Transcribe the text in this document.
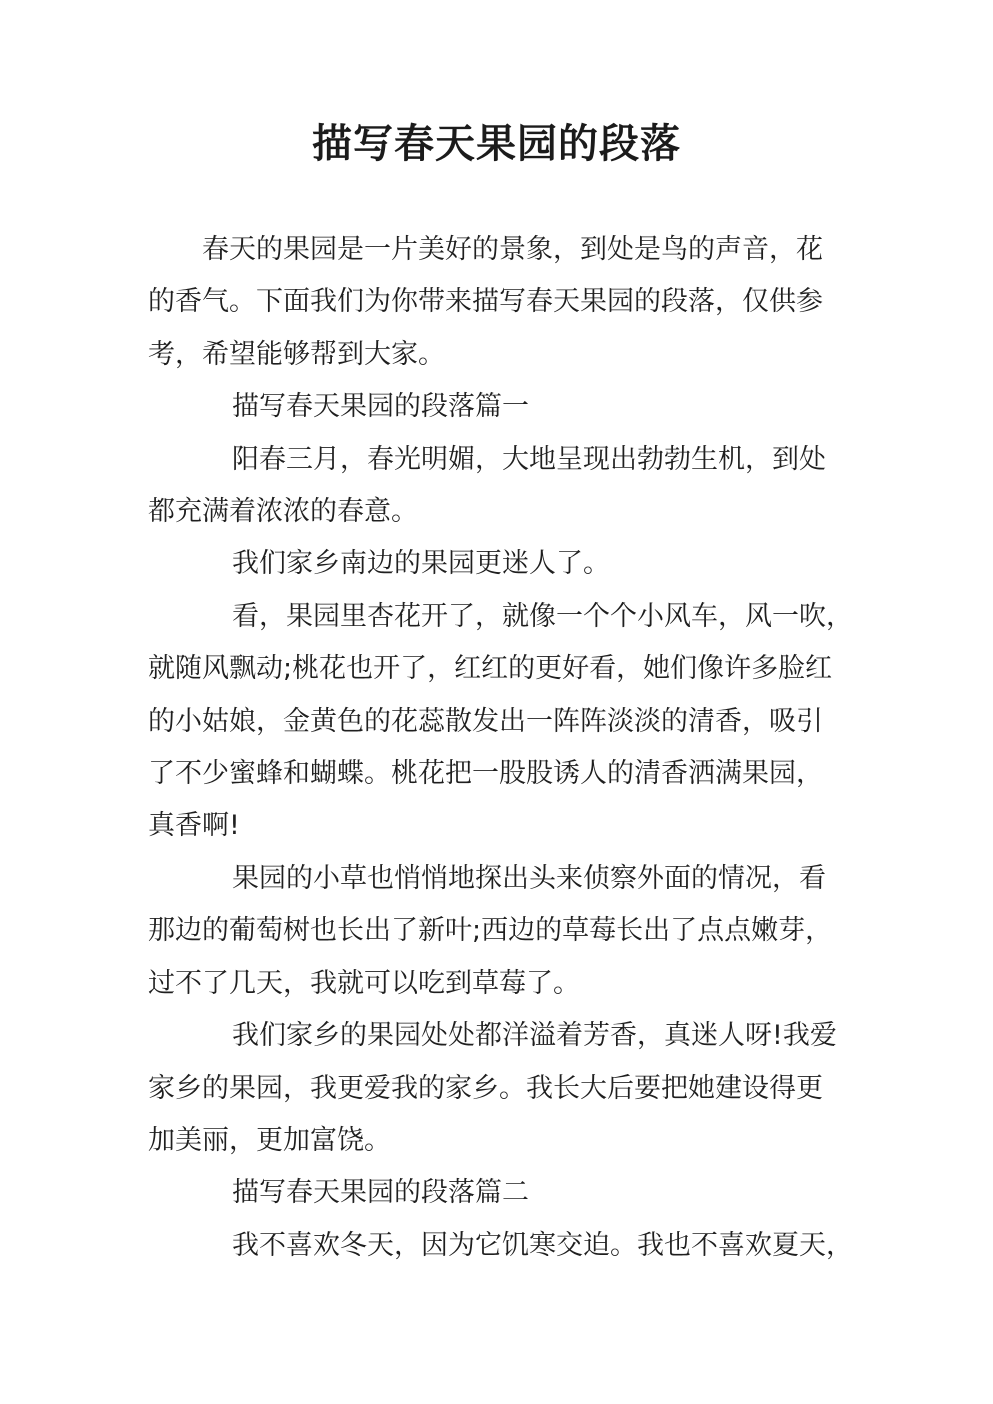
描写春天果园的段落
春天的果园是一片美好的景象，到处是鸟的声音，花
的香气。下面我们为你带来描写春天果园的段落，仅供参
考，希望能够帮到大家。
描写春天果园的段落篇一
阳春三月，春光明媚，大地呈现出勃勃生机，到处
都充满着浓浓的春意。
我们家乡南边的果园更迷人了。
看，果园里杏花开了，就像一个个小风车，风一吹，
就随风飘动;桃花也开了，红红的更好看，她们像许多脸红
的小姑娘，金黄色的花蕊散发出一阵阵淡淡的清香，吸引
了不少蜜蜂和蝴蝶。桃花把一股股诱人的清香洒满果园，
真香啊!
果园的小草也悄悄地探出头来侦察外面的情况，看
那边的葡萄树也长出了新叶;西边的草莓长出了点点嫩芽，
过不了几天，我就可以吃到草莓了。
我们家乡的果园处处都洋溢着芳香，真迷人呀!我爱
家乡的果园，我更爱我的家乡。我长大后要把她建设得更
加美丽，更加富饶。
描写春天果园的段落篇二
我不喜欢冬天，因为它饥寒交迫。我也不喜欢夏天，
